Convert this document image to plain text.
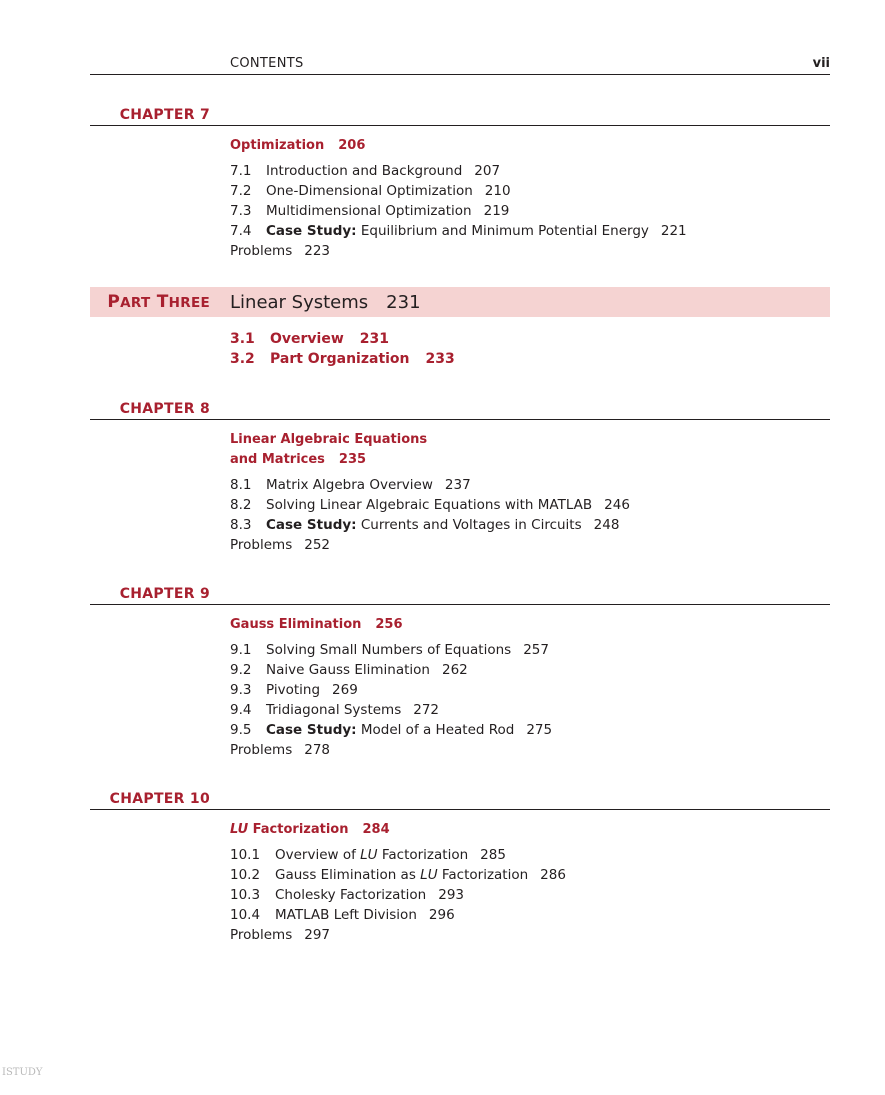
CONTENTS	vii
CHAPTER 7
Optimization 206
7.1 Introduction and Background 207
7.2 One-Dimensional Optimization 210
7.3 Multidimensional Optimization 219
7.4 Case Study: Equilibrium and Minimum Potential Energy 221
Problems 223
PART THREE Linear Systems 231
3.1 Overview 231
3.2 Part Organization 233
CHAPTER 8
Linear Algebraic Equations
and Matrices 235
8.1 Matrix Algebra Overview 237
8.2 Solving Linear Algebraic Equations with MATLAB 246
8.3 Case Study: Currents and Voltages in Circuits 248
Problems 252
CHAPTER 9
Gauss Elimination 256
9.1 Solving Small Numbers of Equations 257
9.2 Naive Gauss Elimination 262
9.3 Pivoting 269
9.4 Tridiagonal Systems 272
9.5 Case Study: Model of a Heated Rod 275
Problems 278
CHAPTER 10
LU Factorization 284
10.1 Overview of LU Factorization 285
10.2 Gauss Elimination as LU Factorization 286
10.3 Cholesky Factorization 293
10.4 MATLAB Left Division 296
Problems 297
ISTUDY
